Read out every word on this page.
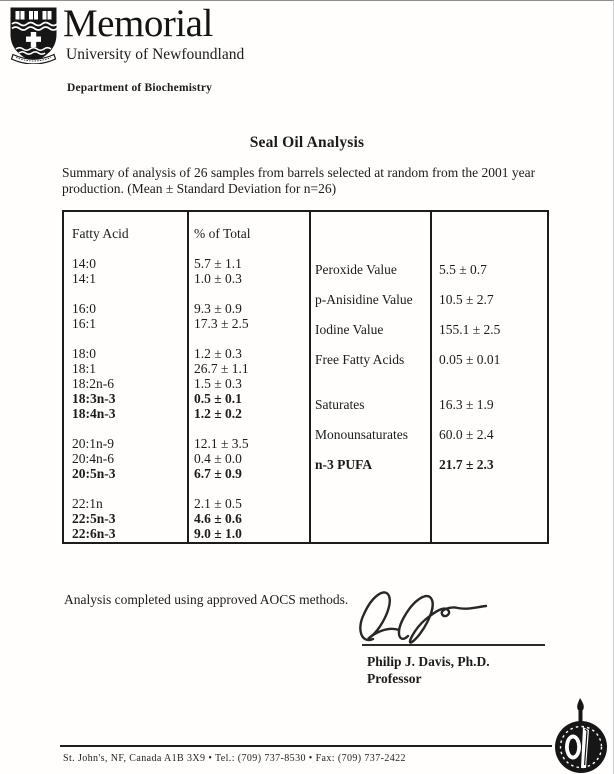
Memorial
University of Newfoundland
Department of Biochemistry
Seal Oil Analysis
Summary of analysis of 26 samples from barrels selected at random from the 2001 year
production. (Mean ± Standard Deviation for n=26)
Fatty Acid	% of Total
14:0	5.7 ± 1.1
14:1	1.0 ± 0.3
16:0	9.3 ± 0.9
16:1	17.3 ± 2.5
18:0	1.2 ± 0.3
18:1	26.7 ± 1.1
18:2n-6	1.5 ± 0.3
18:3n-3	0.5 ± 0.1
18:4n-3	1.2 ± 0.2
20:1n-9	12.1 ± 3.5
20:4n-6	0.4 ± 0.0
20:5n-3	6.7 ± 0.9
22:1n	2.1 ± 0.5
22:5n-3	4.6 ± 0.6
22:6n-3	9.0 ± 1.0
Peroxide Value	5.5 ± 0.7
p-Anisidine Value	10.5 ± 2.7
Iodine Value	155.1 ± 2.5
Free Fatty Acids	0.05 ± 0.01
Saturates	16.3 ± 1.9
Monounsaturates	60.0 ± 2.4
n-3 PUFA	21.7 ± 2.3
Analysis completed using approved AOCS methods.
Philip J. Davis, Ph.D.
Professor
St. John's, NF, Canada A1B 3X9 • Tel.: (709) 737-8530 • Fax: (709) 737-2422
